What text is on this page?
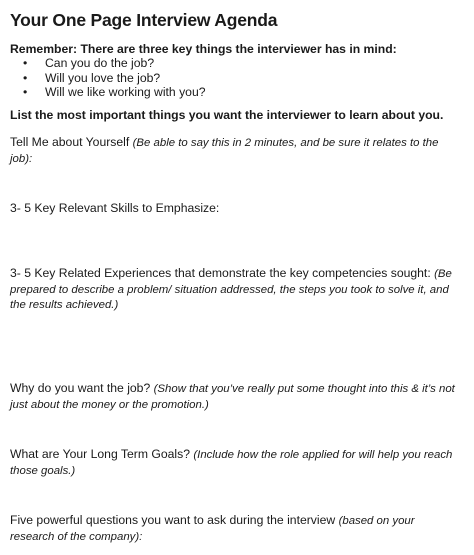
Your One Page Interview Agenda
Remember: There are three key things the interviewer has in mind:
• Can you do the job?
• Will you love the job?
• Will we like working with you?
List the most important things you want the interviewer to learn about you.
Tell Me about Yourself (Be able to say this in 2 minutes, and be sure it relates to the job):
3- 5 Key Relevant Skills to Emphasize:
3- 5 Key Related Experiences that demonstrate the key competencies sought: (Be prepared to describe a problem/ situation addressed, the steps you took to solve it, and the results achieved.)
Why do you want the job? (Show that you’ve really put some thought into this & it’s not just about the money or the promotion.)
What are Your Long Term Goals? (Include how the role applied for will help you reach those goals.)
Five powerful questions you want to ask during the interview (based on your research of the company):
